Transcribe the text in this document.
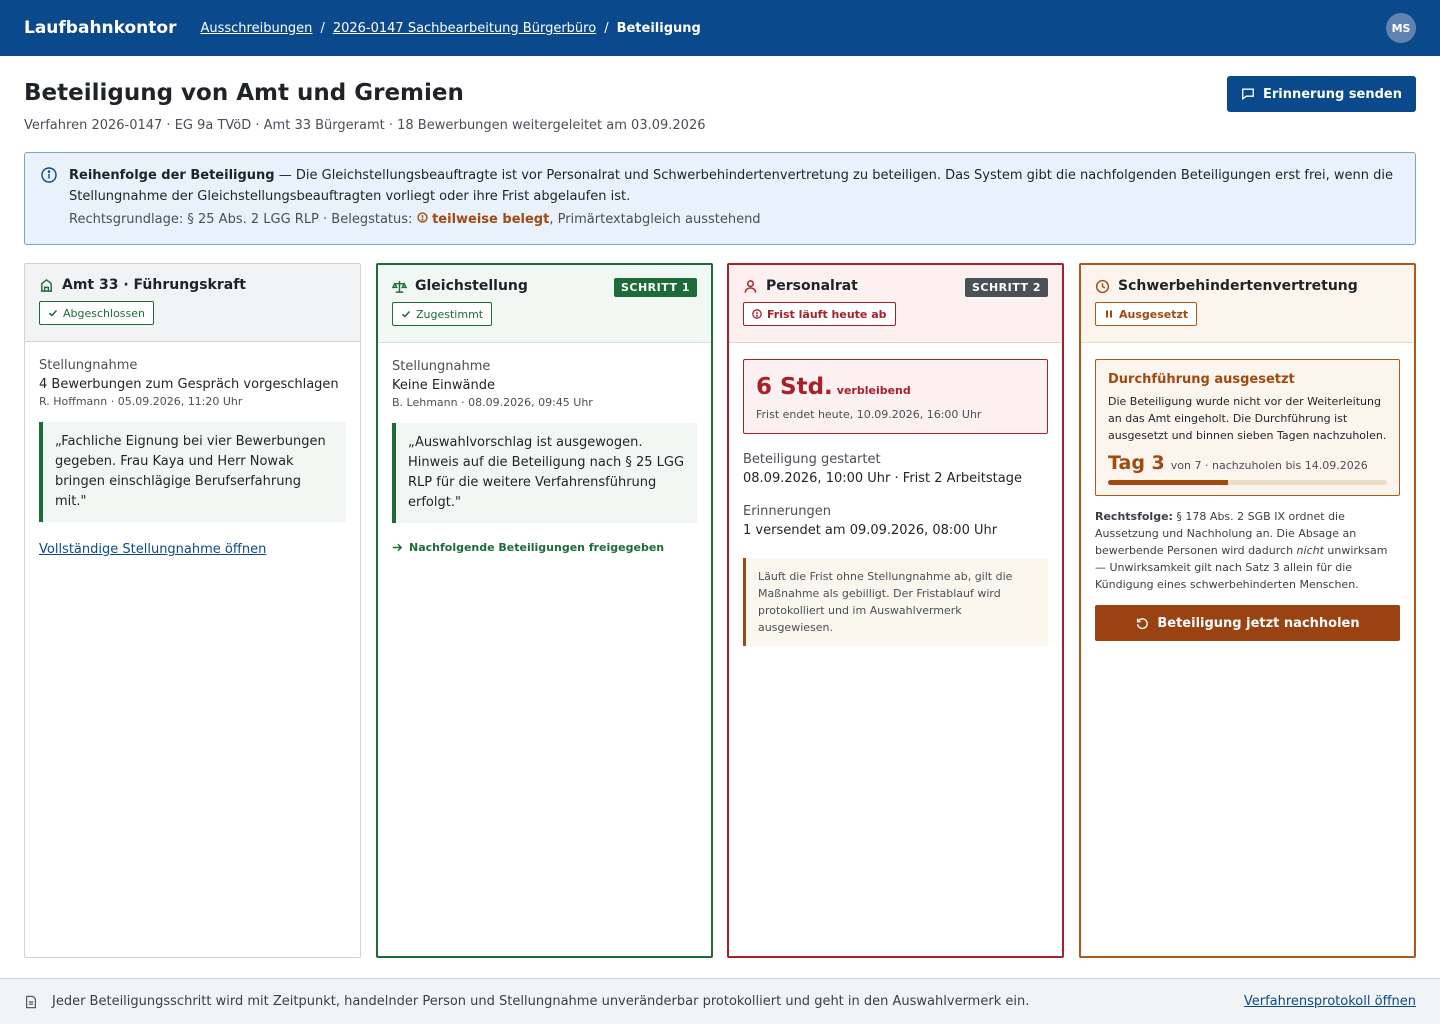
Laufbahnkontor Ausschreibungen / 2026-0147 Sachbearbeitung Bürgerbüro / Beteiligung	MS
Beteiligung von Amt und Gremien
Verfahren 2026-0147 · EG 9a TVöD · Amt 33 Bürgeramt · 18 Bewerbungen weitergeleitet am 03.09.2026
Erinnerung senden
Reihenfolge der Beteiligung — Die Gleichstellungsbeauftragte ist vor Personalrat und Schwerbehindertenvertretung zu beteiligen. Das System gibt die nachfolgenden Beteiligungen erst frei, wenn die Stellungnahme der Gleichstellungsbeauftragten vorliegt oder ihre Frist abgelaufen ist.
Rechtsgrundlage: § 25 Abs. 2 LGG RLP · Belegstatus:  teilweise belegt, Primärtextabgleich ausstehend
Amt 33 · Führungskraft
Abgeschlossen
Stellungnahme
4 Bewerbungen zum Gespräch vorgeschlagen
R. Hoffmann · 05.09.2026, 11:20 Uhr
„Fachliche Eignung bei vier Bewerbungen gegeben. Frau Kaya und Herr Nowak bringen einschlägige Berufserfahrung mit."
Vollständige Stellungnahme öffnen
Gleichstellung	SCHRITT 1
Zugestimmt
Stellungnahme
Keine Einwände
B. Lehmann · 08.09.2026, 09:45 Uhr
„Auswahlvorschlag ist ausgewogen. Hinweis auf die Beteiligung nach § 25 LGG RLP für die weitere Verfahrensführung erfolgt."
Nachfolgende Beteiligungen freigegeben
Personalrat	SCHRITT 2
Frist läuft heute ab
6 Std. verbleibend
Frist endet heute, 10.09.2026, 16:00 Uhr
Beteiligung gestartet
08.09.2026, 10:00 Uhr · Frist 2 Arbeitstage
Erinnerungen
1 versendet am 09.09.2026, 08:00 Uhr
Läuft die Frist ohne Stellungnahme ab, gilt die Maßnahme als gebilligt. Der Fristablauf wird protokolliert und im Auswahlvermerk ausgewiesen.
Schwerbehindertenvertretung
Ausgesetzt
Durchführung ausgesetzt
Die Beteiligung wurde nicht vor der Weiterleitung an das Amt eingeholt. Die Durchführung ist ausgesetzt und binnen sieben Tagen nachzuholen.
Tag 3 von 7 · nachzuholen bis 14.09.2026
Rechtsfolge: § 178 Abs. 2 SGB IX ordnet die Aussetzung und Nachholung an. Die Absage an bewerbende Personen wird dadurch nicht unwirksam — Unwirksamkeit gilt nach Satz 3 allein für die Kündigung eines schwerbehinderten Menschen.
Beteiligung jetzt nachholen
Jeder Beteiligungsschritt wird mit Zeitpunkt, handelnder Person und Stellungnahme unveränderbar protokolliert und geht in den Auswahlvermerk ein.	Verfahrensprotokoll öffnen
